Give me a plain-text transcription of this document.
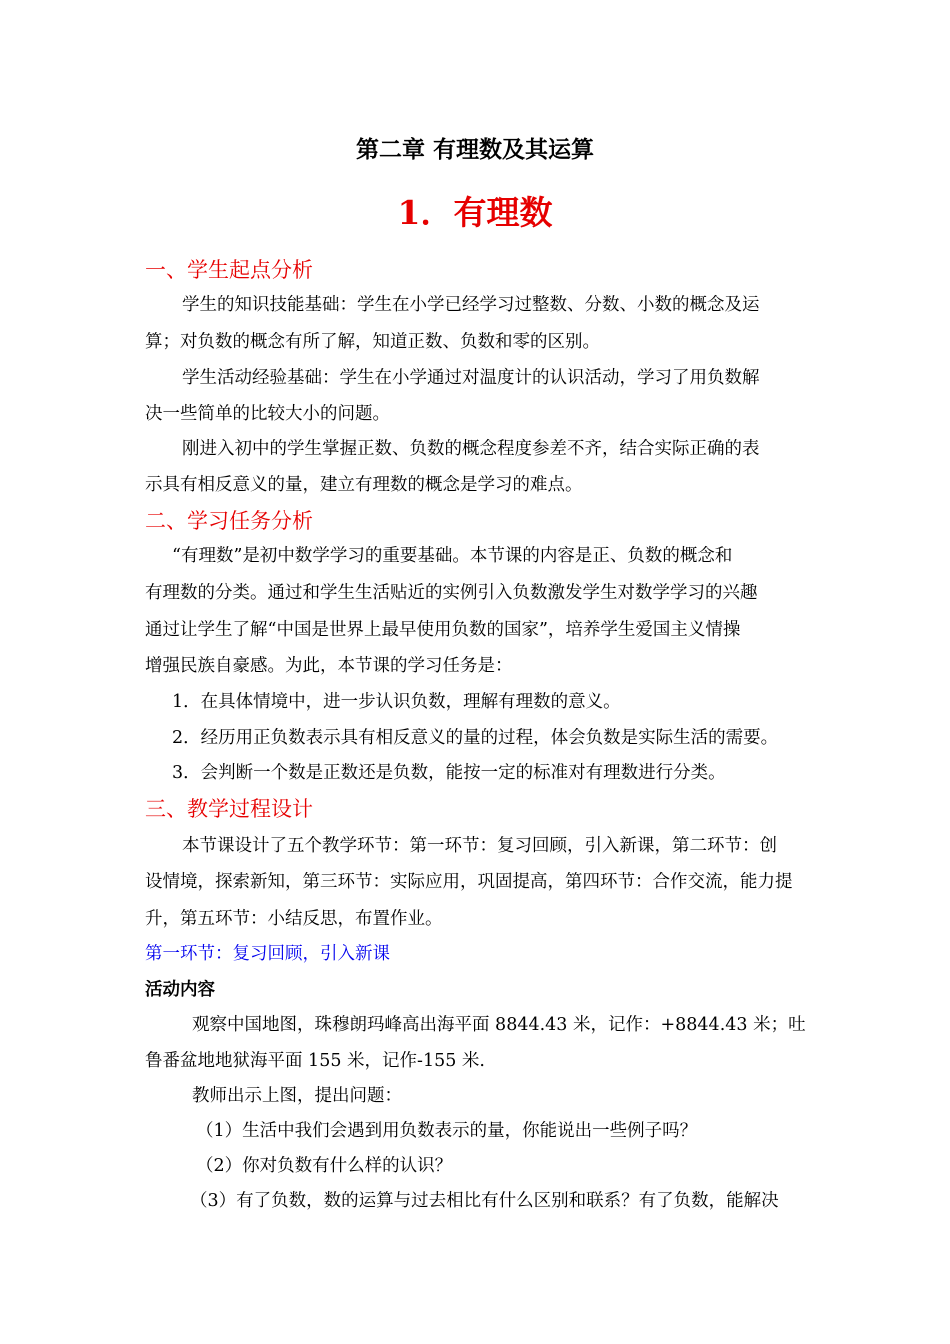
第二章 有理数及其运算
1．有理数
一、学生起点分析
学生的知识技能基础：学生在小学已经学习过整数、分数、小数的概念及运
算；对负数的概念有所了解，知道正数、负数和零的区别。
学生活动经验基础：学生在小学通过对温度计的认识活动，学习了用负数解
决一些简单的比较大小的问题。
刚进入初中的学生掌握正数、负数的概念程度参差不齐，结合实际正确的表
示具有相反意义的量，建立有理数的概念是学习的难点。
二、学习任务分析
“有理数”是初中数学学习的重要基础。本节课的内容是正、负数的概念和
有理数的分类。通过和学生生活贴近的实例引入负数激发学生对数学学习的兴趣
通过让学生了解“中国是世界上最早使用负数的国家”，培养学生爱国主义情操
增强民族自豪感。为此，本节课的学习任务是：
1．在具体情境中，进一步认识负数，理解有理数的意义。
2．经历用正负数表示具有相反意义的量的过程，体会负数是实际生活的需要。
3．会判断一个数是正数还是负数，能按一定的标准对有理数进行分类。
三、教学过程设计
本节课设计了五个教学环节：第一环节：复习回顾，引入新课，第二环节：创
设情境，探索新知，第三环节：实际应用，巩固提高，第四环节：合作交流，能力提
升，第五环节：小结反思，布置作业。
第一环节：复习回顾，引入新课
活动内容
观察中国地图，珠穆朗玛峰高出海平面 8844.43 米，记作：+8844.43 米；吐
鲁番盆地地狱海平面 155 米，记作-155 米.
教师出示上图，提出问题：
（1）生活中我们会遇到用负数表示的量，你能说出一些例子吗？
（2）你对负数有什么样的认识？
（3）有了负数，数的运算与过去相比有什么区别和联系？有了负数，能解决
